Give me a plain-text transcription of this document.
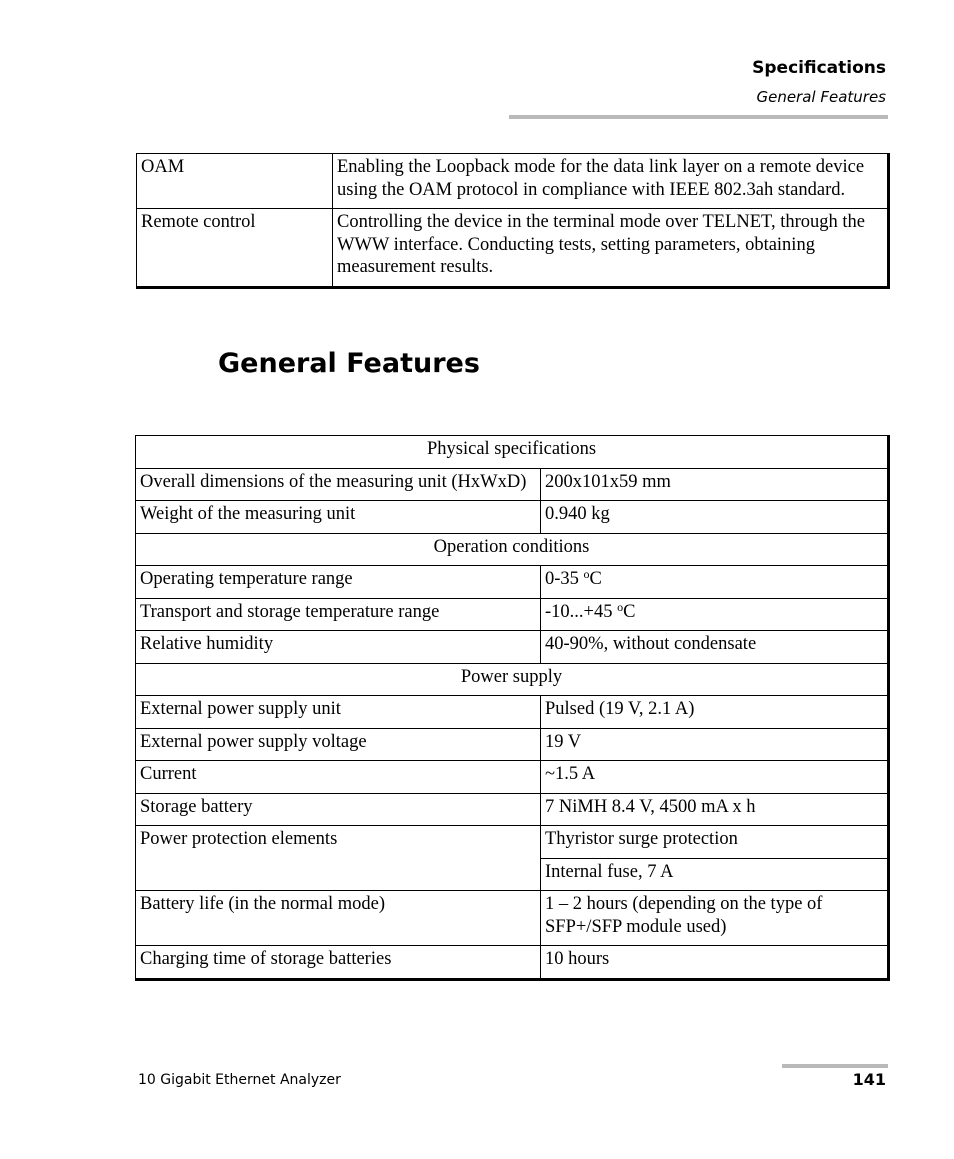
Specifications
General Features
OAM	Enabling the Loopback mode for the data link layer on a remote device using the OAM protocol in compliance with IEEE 802.3ah standard.
Remote control	Controlling the device in the terminal mode over TELNET, through the WWW interface. Conducting tests, setting parameters, obtaining measurement results.
General Features
Physical specifications	
Overall dimensions of the measuring unit (HxWxD)	200x101x59 mm
Weight of the measuring unit	0.940 kg
Operation conditions	
Operating temperature range	0-35 $^o$C
Transport and storage temperature range	-10...+45 $^o$C
Relative humidity	40-90%, without condensate
Power supply	
External power supply unit	Pulsed (19 V, 2.1 A)
External power supply voltage	19 V
Current	~1.5 A
Storage battery	7 NiMH 8.4 V, 4500 mA x h
Power protection elements	Thyristor surge protection
	Internal fuse, 7 A
Battery life (in the normal mode)	1 – 2 hours (depending on the type of SFP+/SFP module used)
Charging time of storage batteries	10 hours
10 Gigabit Ethernet Analyzer	141
